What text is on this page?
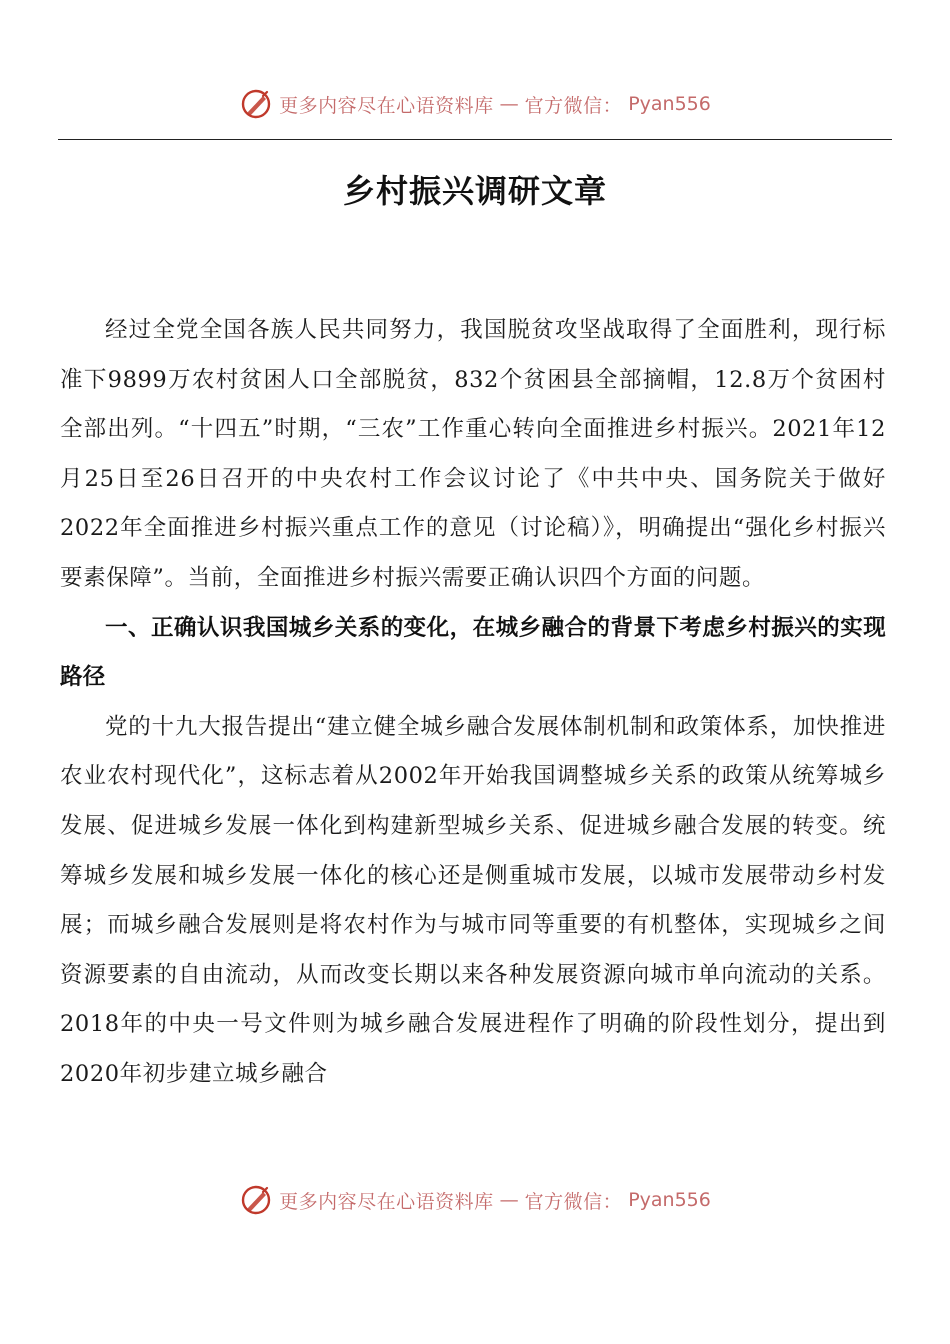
更多内容尽在心语资料库 — 官方微信： Pyan556
乡村振兴调研文章

经过全党全国各族人民共同努力，我国脱贫攻坚战取得了全面胜利，现行标准下9899万农村贫困人口全部脱贫，832个贫困县全部摘帽，12.8万个贫困村全部出列。“十四五”时期，“三农”工作重心转向全面推进乡村振兴。2021年12月25日至26日召开的中央农村工作会议讨论了《中共中央、国务院关于做好2022年全面推进乡村振兴重点工作的意见（讨论稿）》，明确提出“强化乡村振兴要素保障”。当前，全面推进乡村振兴需要正确认识四个方面的问题。

一、正确认识我国城乡关系的变化，在城乡融合的背景下考虑乡村振兴的实现路径

党的十九大报告提出“建立健全城乡融合发展体制机制和政策体系，加快推进农业农村现代化”，这标志着从2002年开始我国调整城乡关系的政策从统筹城乡发展、促进城乡发展一体化到构建新型城乡关系、促进城乡融合发展的转变。统筹城乡发展和城乡发展一体化的核心还是侧重城市发展，以城市发展带动乡村发展；而城乡融合发展则是将农村作为与城市同等重要的有机整体，实现城乡之间资源要素的自由流动，从而改变长期以来各种发展资源向城市单向流动的关系。2018年的中央一号文件则为城乡融合发展进程作了明确的阶段性划分，提出到2020年初步建立城乡融合

更多内容尽在心语资料库 — 官方微信： Pyan556
